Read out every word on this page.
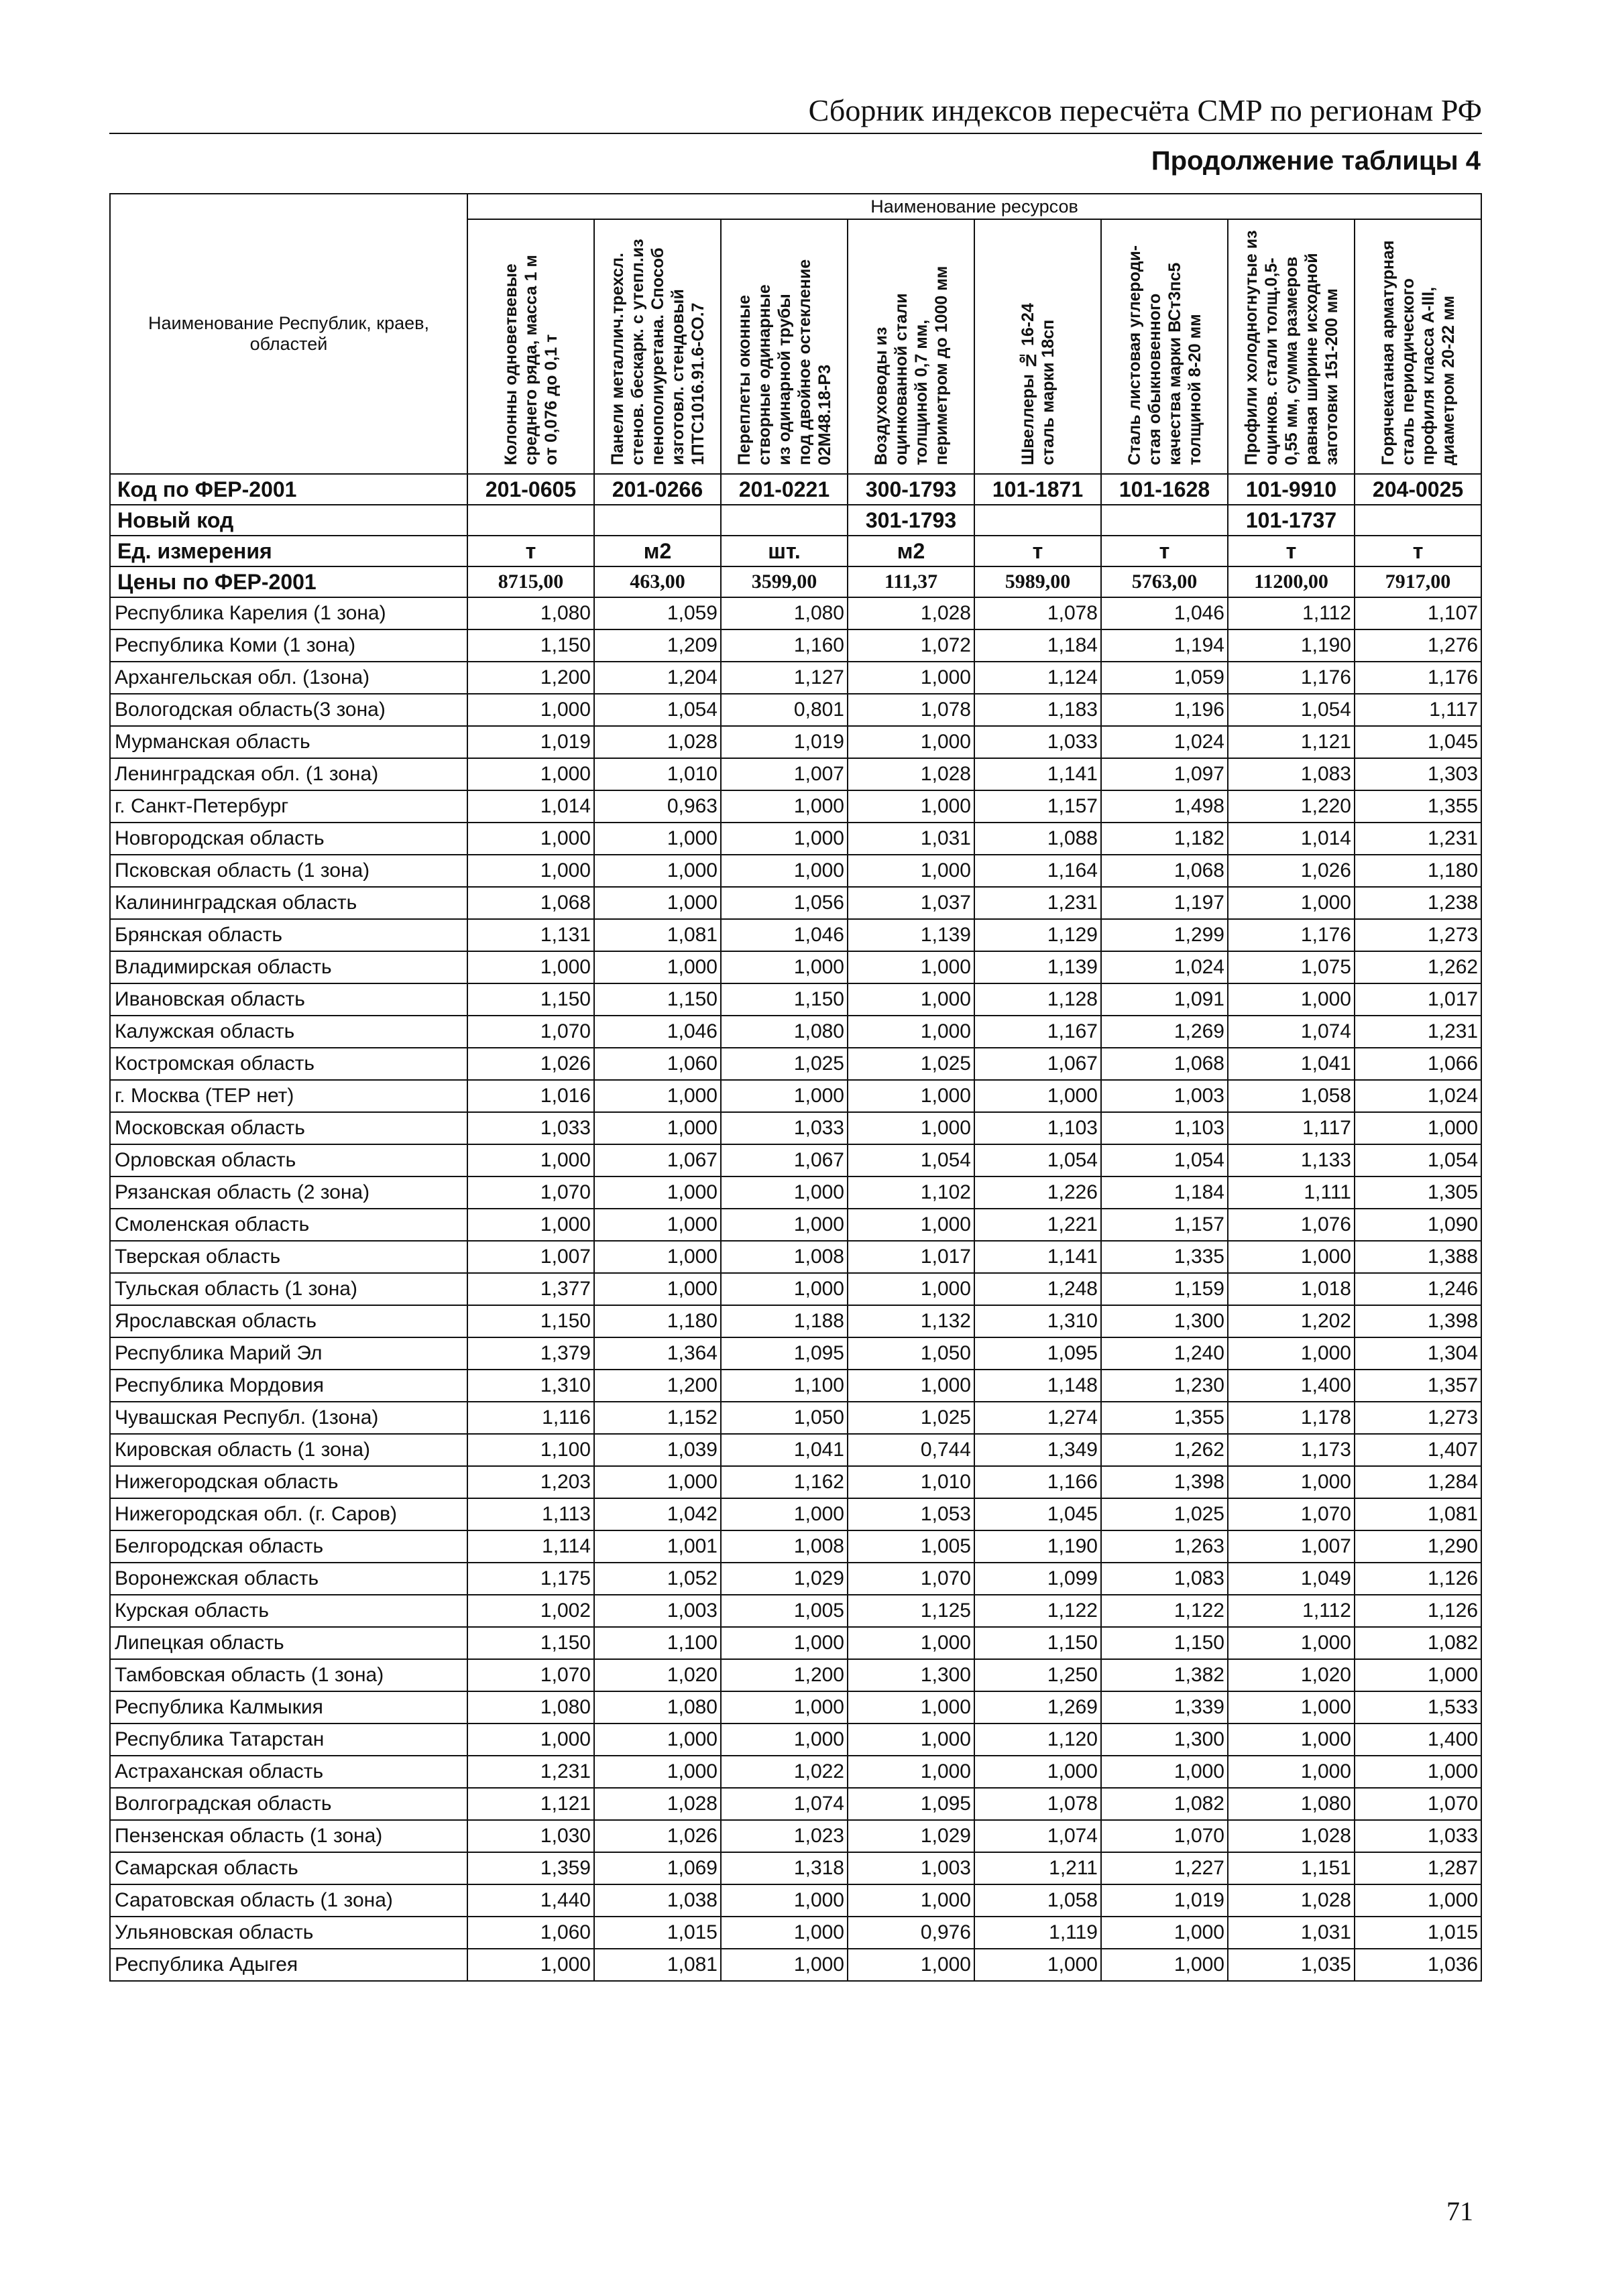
Сборник индексов пересчёта СМР по регионам РФ
Продолжение таблицы 4
Наименование Республик, краев, областей	Наименование ресурсов							

	Колонны одноветвевые
среднего ряда, масса 1 м
от 0,076 до 0,1 т	Панели металлич.трехсл.
стенов. бескарк. с утепл.из
пенополиуретана. Способ
изготовл. стендовый
1ПТС1016.91.6-СО.7	Переплеты оконные
створные одинарные
из одинарной трубы
под двойное остекление
02М48.18-Р3	Воздуховоды из
оцинкованной стали
толщиной 0,7 мм,
периметром до 1000 мм	Швеллеры № 16-24
сталь марки 18сп	Сталь листовая углероди-
стая обыкновенного
качества марки ВСт3пс5
толщиной 8-20 мм	Профили холодногнутые из
оцинков. стали толщ.0,5-
0,55 мм, сумма размеров
равная ширине исходной
заготовки 151-200 мм	Горячекатаная арматурная
сталь периодического
профиля класса А-III,
диаметром 20-22 мм

Код по ФЕР-2001	201-0605	201-0266	201-0221	300-1793	101-1871	101-1628	101-9910	204-0025
Новый код				301-1793			101-1737	
Ед. измерения	т	м2	шт.	м2	т	т	т	т
Цены по ФЕР-2001	8715,00	463,00	3599,00	111,37	5989,00	5763,00	11200,00	7917,00
Республика Карелия (1 зона)	1,080	1,059	1,080	1,028	1,078	1,046	1,112	1,107
Республика Коми (1 зона)	1,150	1,209	1,160	1,072	1,184	1,194	1,190	1,276
Архангельская обл. (1зона)	1,200	1,204	1,127	1,000	1,124	1,059	1,176	1,176
Вологодская область(3 зона)	1,000	1,054	0,801	1,078	1,183	1,196	1,054	1,117
Мурманская область	1,019	1,028	1,019	1,000	1,033	1,024	1,121	1,045
Ленинградская обл. (1 зона)	1,000	1,010	1,007	1,028	1,141	1,097	1,083	1,303
г. Санкт-Петербург	1,014	0,963	1,000	1,000	1,157	1,498	1,220	1,355
Новгородская область	1,000	1,000	1,000	1,031	1,088	1,182	1,014	1,231
Псковская область (1 зона)	1,000	1,000	1,000	1,000	1,164	1,068	1,026	1,180
Калининградская область	1,068	1,000	1,056	1,037	1,231	1,197	1,000	1,238
Брянская область	1,131	1,081	1,046	1,139	1,129	1,299	1,176	1,273
Владимирская область	1,000	1,000	1,000	1,000	1,139	1,024	1,075	1,262
Ивановская область	1,150	1,150	1,150	1,000	1,128	1,091	1,000	1,017
Калужская область	1,070	1,046	1,080	1,000	1,167	1,269	1,074	1,231
Костромская область	1,026	1,060	1,025	1,025	1,067	1,068	1,041	1,066
г. Москва (ТЕР нет)	1,016	1,000	1,000	1,000	1,000	1,003	1,058	1,024
Московская область	1,033	1,000	1,033	1,000	1,103	1,103	1,117	1,000
Орловская область	1,000	1,067	1,067	1,054	1,054	1,054	1,133	1,054
Рязанская область (2 зона)	1,070	1,000	1,000	1,102	1,226	1,184	1,111	1,305
Смоленская область	1,000	1,000	1,000	1,000	1,221	1,157	1,076	1,090
Тверская область	1,007	1,000	1,008	1,017	1,141	1,335	1,000	1,388
Тульская область (1 зона)	1,377	1,000	1,000	1,000	1,248	1,159	1,018	1,246
Ярославская область	1,150	1,180	1,188	1,132	1,310	1,300	1,202	1,398
Республика Марий Эл	1,379	1,364	1,095	1,050	1,095	1,240	1,000	1,304
Республика Мордовия	1,310	1,200	1,100	1,000	1,148	1,230	1,400	1,357
Чувашская Республ. (1зона)	1,116	1,152	1,050	1,025	1,274	1,355	1,178	1,273
Кировская область (1 зона)	1,100	1,039	1,041	0,744	1,349	1,262	1,173	1,407
Нижегородская область	1,203	1,000	1,162	1,010	1,166	1,398	1,000	1,284
Нижегородская обл. (г. Саров)	1,113	1,042	1,000	1,053	1,045	1,025	1,070	1,081
Белгородская область	1,114	1,001	1,008	1,005	1,190	1,263	1,007	1,290
Воронежская область	1,175	1,052	1,029	1,070	1,099	1,083	1,049	1,126
Курская область	1,002	1,003	1,005	1,125	1,122	1,122	1,112	1,126
Липецкая область	1,150	1,100	1,000	1,000	1,150	1,150	1,000	1,082
Тамбовская область (1 зона)	1,070	1,020	1,200	1,300	1,250	1,382	1,020	1,000
Республика Калмыкия	1,080	1,080	1,000	1,000	1,269	1,339	1,000	1,533
Республика Татарстан	1,000	1,000	1,000	1,000	1,120	1,300	1,000	1,400
Астраханская область	1,231	1,000	1,022	1,000	1,000	1,000	1,000	1,000
Волгоградская область	1,121	1,028	1,074	1,095	1,078	1,082	1,080	1,070
Пензенская область (1 зона)	1,030	1,026	1,023	1,029	1,074	1,070	1,028	1,033
Самарская область	1,359	1,069	1,318	1,003	1,211	1,227	1,151	1,287
Саратовская область (1 зона)	1,440	1,038	1,000	1,000	1,058	1,019	1,028	1,000
Ульяновская область	1,060	1,015	1,000	0,976	1,119	1,000	1,031	1,015
Республика Адыгея	1,000	1,081	1,000	1,000	1,000	1,000	1,035	1,036
71
